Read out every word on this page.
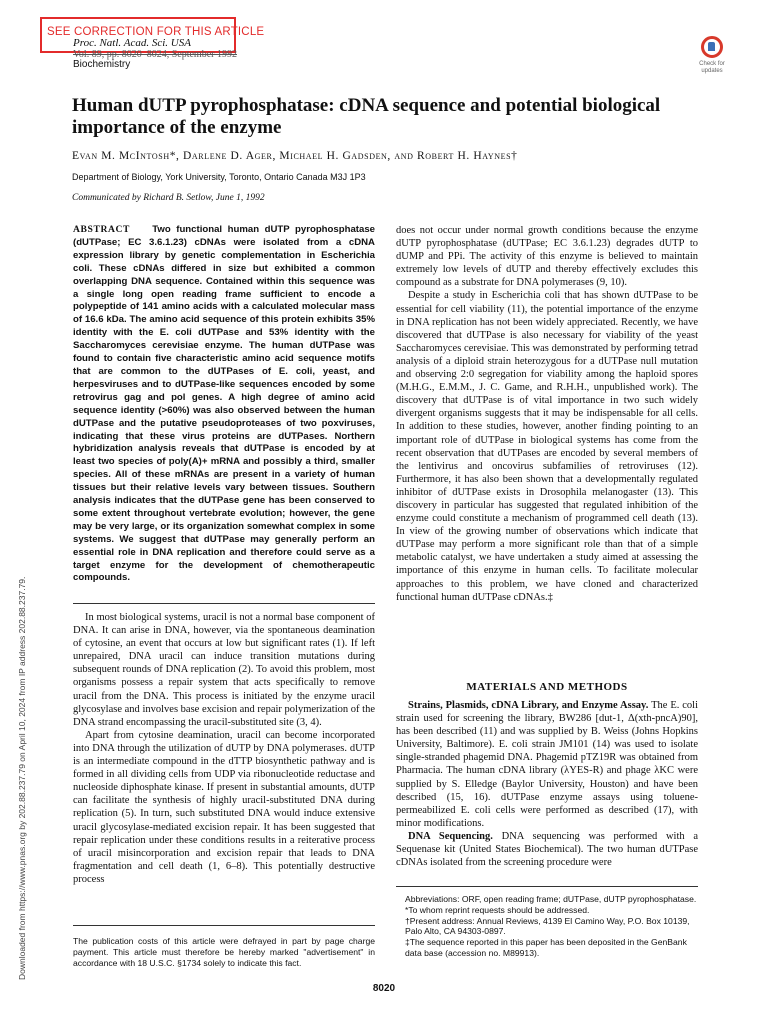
SEE CORRECTION FOR THIS ARTICLE
Proc. Natl. Acad. Sci. USA
Vol. 89, pp. 8020–8024, September 1992
Biochemistry	Check for updates
Human dUTP pyrophosphatase: cDNA sequence and potential biological importance of the enzyme
Evan M. McIntosh*, Darlene D. Ager, Michael H. Gadsden, and Robert H. Haynes†
Department of Biology, York University, Toronto, Ontario Canada M3J 1P3
Communicated by Richard B. Setlow, June 1, 1992
ABSTRACT Two functional human dUTP pyrophosphatase (dUTPase; EC 3.6.1.23) cDNAs were isolated from a cDNA expression library by genetic complementation in Escherichia coli. These cDNAs differed in size but exhibited a common overlapping DNA sequence. Contained within this sequence was a single long open reading frame sufficient to encode a polypeptide of 141 amino acids with a calculated molecular mass of 16.6 kDa. The amino acid sequence of this protein exhibits 35% identity with the E. coli dUTPase and 53% identity with the Saccharomyces cerevisiae enzyme. The human dUTPase was found to contain five characteristic amino acid sequence motifs that are common to the dUTPases of E. coli, yeast, and herpesviruses and to dUTPase-like sequences encoded by some retrovirus gag and pol genes. A high degree of amino acid sequence identity (>60%) was also observed between the human dUTPase and the putative pseudoproteases of two poxviruses, indicating that these virus proteins are dUTPases. Northern hybridization analysis reveals that dUTPase is encoded by at least two species of poly(A)+ mRNA and possibly a third, smaller species. All of these mRNAs are present in a variety of human tissues but their relative levels vary between tissues. Southern analysis indicates that the dUTPase gene has been conserved to some extent throughout vertebrate evolution; however, the gene may be very large, or its organization somewhat complex in some systems. We suggest that dUTPase may generally perform an essential role in DNA replication and therefore could serve as a target enzyme for the development of chemotherapeutic compounds.

In most biological systems, uracil is not a normal base component of DNA. It can arise in DNA, however, via the spontaneous deamination of cytosine, an event that occurs at low but significant rates (1). If left unrepaired, DNA uracil can induce transition mutations during subsequent rounds of DNA replication (2). To avoid this problem, most organisms possess a repair system that acts specifically to remove uracil from the DNA. This process is initiated by the enzyme uracil glycosylase and involves base excision and repair polymerization of the DNA strand encompassing the uracil-substituted site (3, 4).

Apart from cytosine deamination, uracil can become incorporated into DNA through the utilization of dUTP by DNA polymerases. dUTP is an intermediate compound in the dTTP biosynthetic pathway and is formed in all dividing cells from UDP via ribonucleotide reductase and nucleoside diphosphate kinase. If present in substantial amounts, dUTP can facilitate the synthesis of highly uracil-substituted DNA during replication (5). In turn, such substituted DNA would induce extensive uracil glycosylase-mediated excision repair. It has been suggested that repair replication under these conditions results in a reiterative process of uracil misincorporation and excision repair that leads to DNA fragmentation and cell death (1, 6–8). This potentially destructive process

does not occur under normal growth conditions because the enzyme dUTP pyrophosphatase (dUTPase; EC 3.6.1.23) degrades dUTP to dUMP and PPi. The activity of this enzyme is believed to maintain extremely low levels of dUTP and thereby effectively excludes this compound as a substrate for DNA polymerases (9, 10).

Despite a study in Escherichia coli that has shown dUTPase to be essential for cell viability (11), the potential importance of the enzyme in DNA replication has not been widely appreciated. Recently, we have discovered that dUTPase is also necessary for viability of the yeast Saccharomyces cerevisiae. This was demonstrated by performing tetrad analysis of a diploid strain heterozygous for a dUTPase null mutation and observing 2:0 segregation for viability among the haploid spores (M.H.G., E.M.M., J. C. Game, and R.H.H., unpublished work). The discovery that dUTPase is of vital importance in two such widely divergent organisms suggests that it may be indispensable for all cells. In addition to these studies, however, another finding pointing to an important role of dUTPase in biological systems has come from the recent observation that dUTPases are encoded by several members of the lentivirus and oncovirus subfamilies of retroviruses (12). Furthermore, it has also been shown that a developmentally regulated inhibitor of dUTPase exists in Drosophila melanogaster (13). This discovery in particular has suggested that regulated inhibition of the enzyme could constitute a mechanism of programmed cell death (13). In view of the growing number of observations which indicate that dUTPase may perform a more significant role than that of a simple metabolic catalyst, we have undertaken a study aimed at assessing the importance of this enzyme in human cells. To facilitate molecular approaches to this problem, we have cloned and characterized functional human dUTPase cDNAs.‡

MATERIALS AND METHODS

Strains, Plasmids, cDNA Library, and Enzyme Assay. The E. coli strain used for screening the library, BW286 [dut-1, Δ(xth-pncA)90], has been described (11) and was supplied by B. Weiss (Johns Hopkins University, Baltimore). E. coli strain JM101 (14) was used to isolate single-stranded phagemid DNA. Phagemid pTZ19R was obtained from Pharmacia. The human cDNA library (λYES-R) and phage λKC were supplied by S. Elledge (Baylor University, Houston) and have been described (15, 16). dUTPase enzyme assays using toluene-permeabilized E. coli cells were performed as described (17), with minor modifications.

DNA Sequencing. DNA sequencing was performed with a Sequenase kit (United States Biochemical). The two human dUTPase cDNAs isolated from the screening procedure were

The publication costs of this article were defrayed in part by page charge payment. This article must therefore be hereby marked "advertisement" in accordance with 18 U.S.C. §1734 solely to indicate this fact.
Abbreviations: ORF, open reading frame; dUTPase, dUTP pyrophosphatase.
*To whom reprint requests should be addressed.
†Present address: Annual Reviews, 4139 El Camino Way, P.O. Box 10139, Palo Alto, CA 94303-0897.
‡The sequence reported in this paper has been deposited in the GenBank data base (accession no. M89913).
8020
Downloaded from https://www.pnas.org by 202.88.237.79 on April 10, 2024 from IP address 202.88.237.79.
